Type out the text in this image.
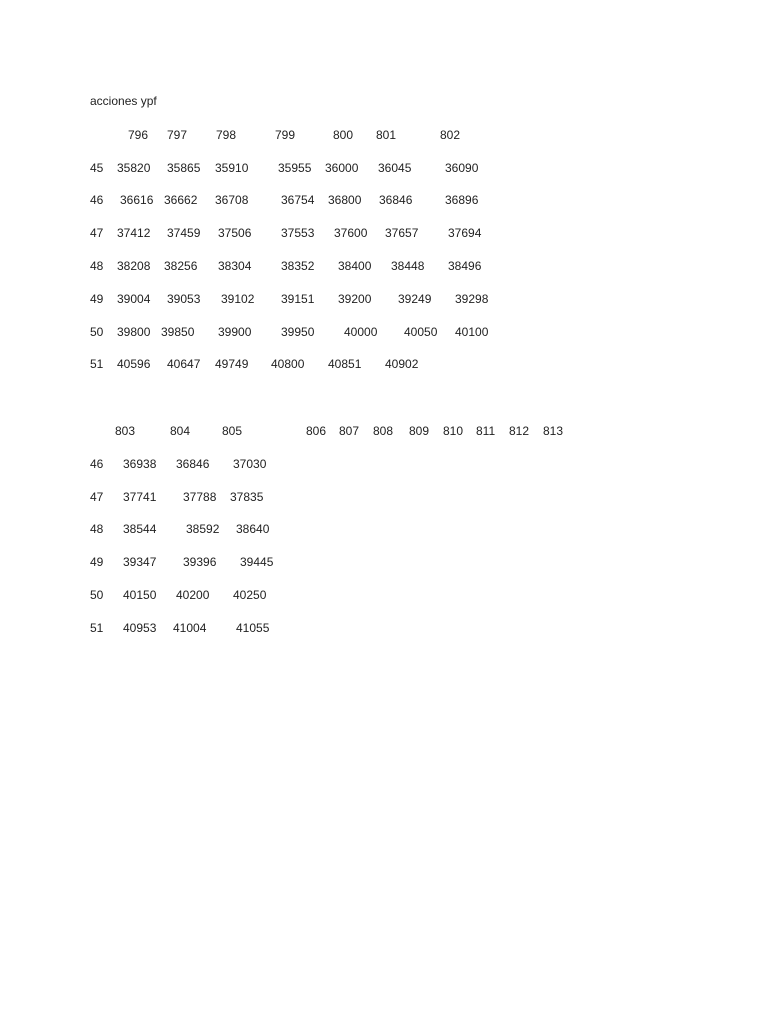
acciones ypf
796 797 798	799	800 801	802
45 35820 35865 35910 35955 36000 36045	36090
46 36616 36662 36708	36754 36800 36846	36896
47 37412 37459 37506 37553 37600 37657 37694
48 38208 38256 38304 38352 38400 38448 38496
49 39004 39053 39102 39151 39200 39249 39298
50 39800 39850 39900 39950 40000 40050 40100
51 40596 40647 49749 40800 40851 40902
803	804	805	806 807 808 809 810 811 812 813
46 36938 36846 37030
47 37741 37788 37835
48 38544 38592 38640
49 39347 39396 39445
50 40150 40200 40250
51 40953 41004 41055
